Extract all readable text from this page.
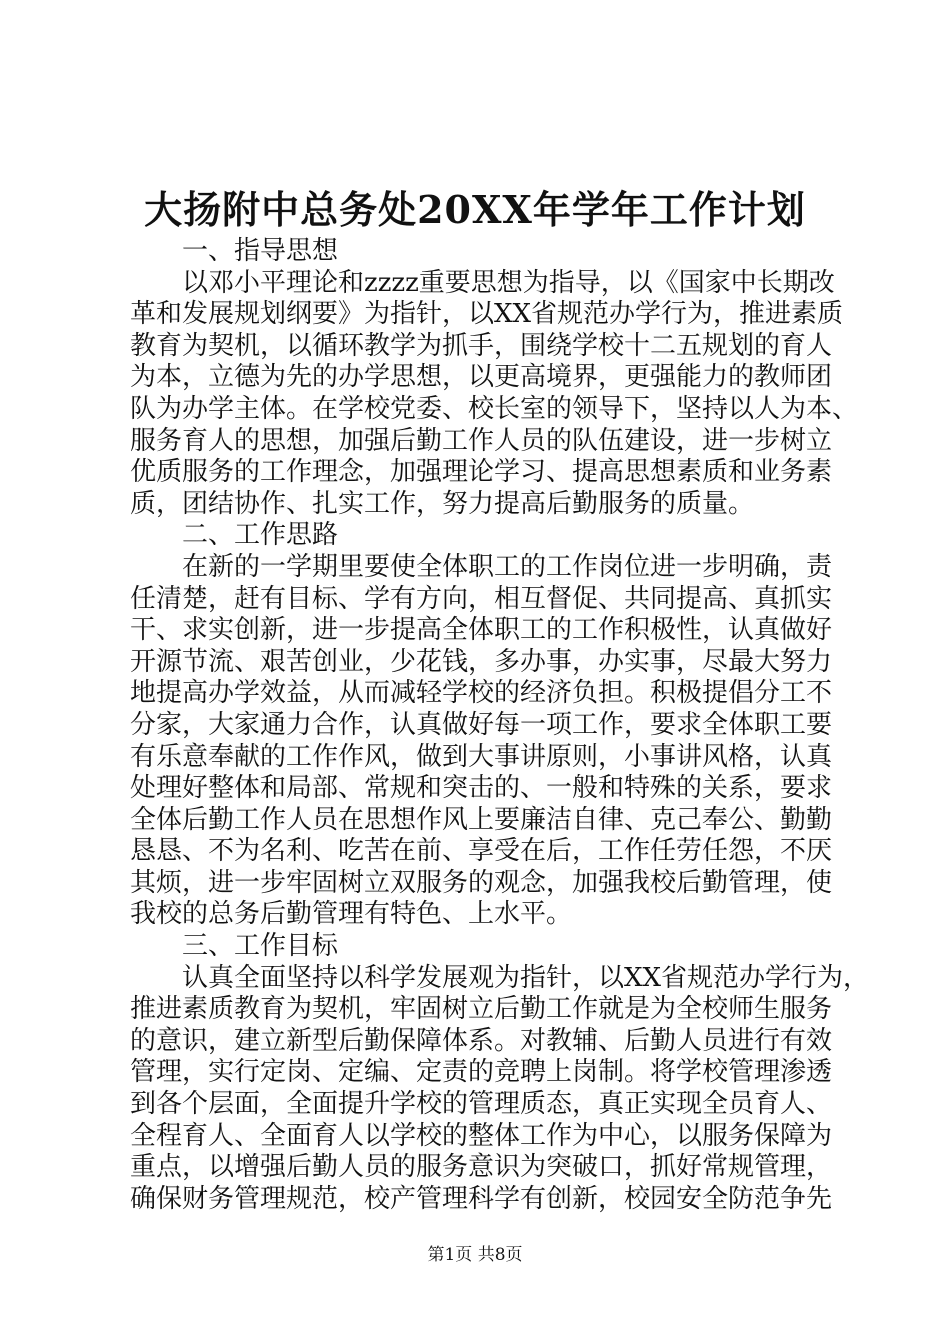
大扬附中总务处20XX年学年工作计划
一、指导思想
以邓小平理论和zzzz重要思想为指导，以《国家中长期改
革和发展规划纲要》为指针，以XX省规范办学行为，推进素质
教育为契机，以循环教学为抓手，围绕学校十二五规划的育人
为本，立德为先的办学思想，以更高境界，更强能力的教师团
队为办学主体。在学校党委、校长室的领导下，坚持以人为本、
服务育人的思想，加强后勤工作人员的队伍建设，进一步树立
优质服务的工作理念，加强理论学习、提高思想素质和业务素
质，团结协作、扎实工作，努力提高后勤服务的质量。
二、工作思路
在新的一学期里要使全体职工的工作岗位进一步明确，责
任清楚，赶有目标、学有方向，相互督促、共同提高、真抓实
干、求实创新，进一步提高全体职工的工作积极性，认真做好
开源节流、艰苦创业，少花钱，多办事，办实事，尽最大努力
地提高办学效益，从而减轻学校的经济负担。积极提倡分工不
分家，大家通力合作，认真做好每一项工作，要求全体职工要
有乐意奉献的工作作风，做到大事讲原则，小事讲风格，认真
处理好整体和局部、常规和突击的、一般和特殊的关系，要求
全体后勤工作人员在思想作风上要廉洁自律、克己奉公、勤勤
恳恳、不为名利、吃苦在前、享受在后，工作任劳任怨，不厌
其烦，进一步牢固树立双服务的观念，加强我校后勤管理，使
我校的总务后勤管理有特色、上水平。
三、工作目标
认真全面坚持以科学发展观为指针，以XX省规范办学行为，
推进素质教育为契机，牢固树立后勤工作就是为全校师生服务
的意识，建立新型后勤保障体系。对教辅、后勤人员进行有效
管理，实行定岗、定编、定责的竞聘上岗制。将学校管理渗透
到各个层面，全面提升学校的管理质态，真正实现全员育人、
全程育人、全面育人以学校的整体工作为中心，以服务保障为
重点，以增强后勤人员的服务意识为突破口，抓好常规管理，
确保财务管理规范，校产管理科学有创新，校园安全防范争先
第1页 共8页
